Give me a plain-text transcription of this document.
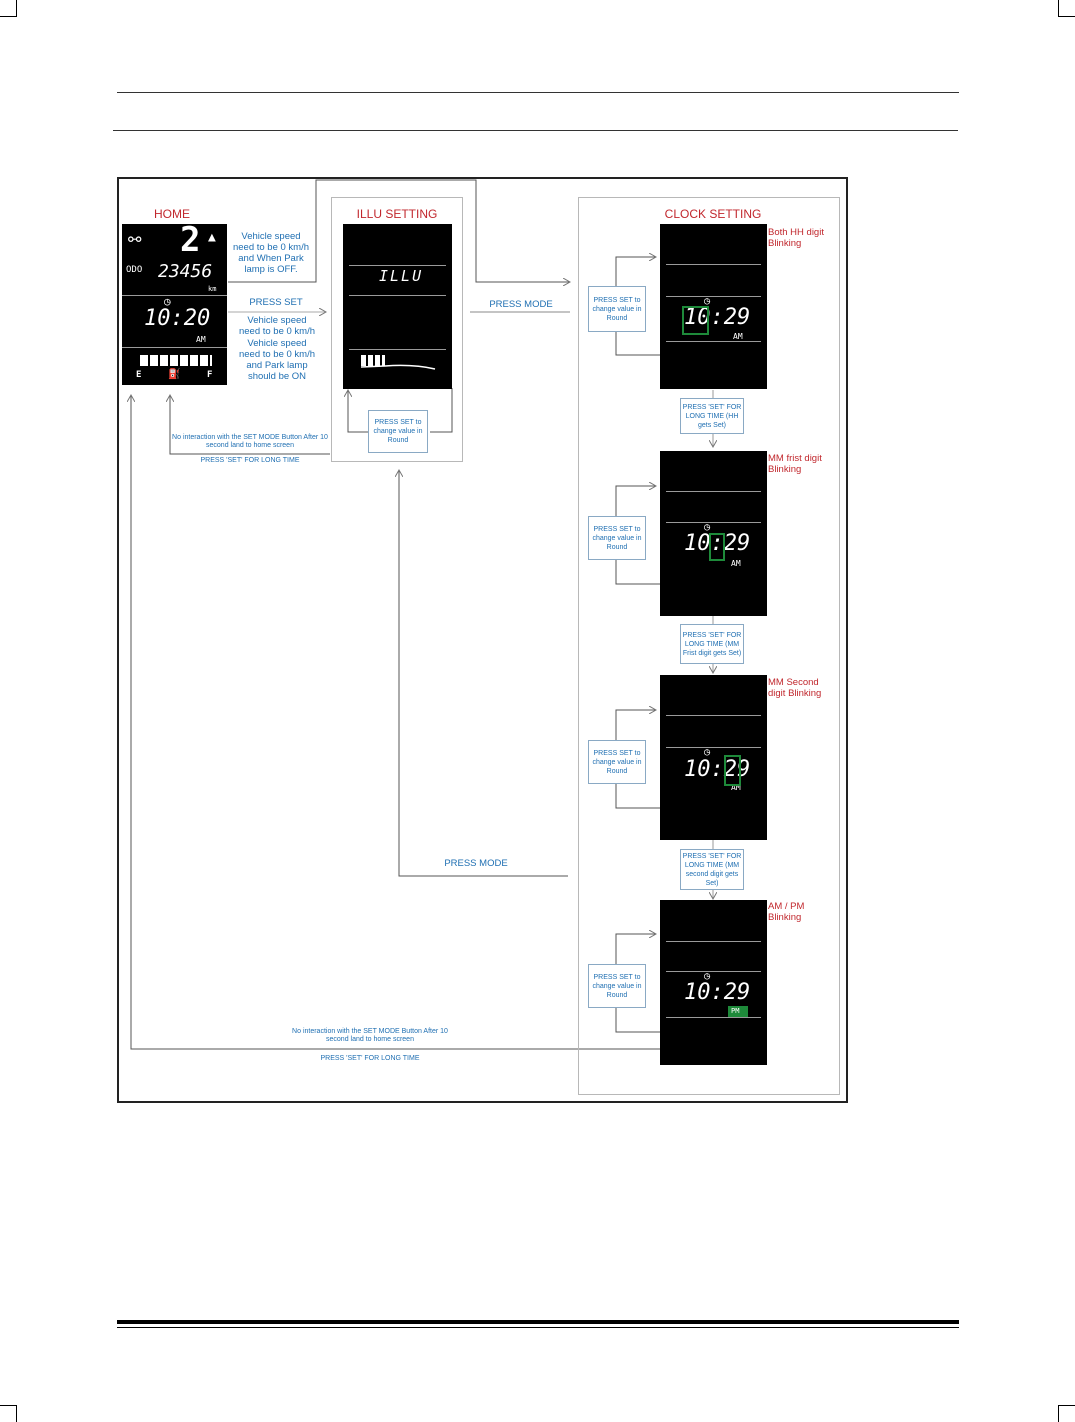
HOME
⚯ 2 ▲
ODO 23456
km
◷
10:20
AM
E	⛽	F
Vehicle speed need to be 0 km/h and When Park lamp is OFF.
PRESS SET
Vehicle speed need to be 0 km/h
Vehicle speed need to be 0 km/h and Park lamp should be ON
No interaction with the SET MODE Button After 10 second land to home screen
PRESS 'SET' FOR LONG TIME
ILLU SETTING
ILLU
PRESS SET to change value in Round
PRESS MODE
CLOCK SETTING
◷
10:29
AM
Both HH digit Blinking
PRESS SET to change value in Round
PRESS 'SET' FOR LONG TIME (HH gets Set)
◷
10:29
AM
MM frist digit Blinking
PRESS SET to change value in Round
PRESS 'SET' FOR LONG TIME (MM Frist digit gets Set)
◷
10:29
AM
MM Second digit Blinking
PRESS SET to change value in Round
PRESS 'SET' FOR LONG TIME (MM second digit gets Set)
◷
10:29
PM
AM / PM Blinking
PRESS SET to change value in Round
PRESS MODE
No interaction with the SET MODE Button After 10 second land to home screen
PRESS 'SET' FOR LONG TIME
